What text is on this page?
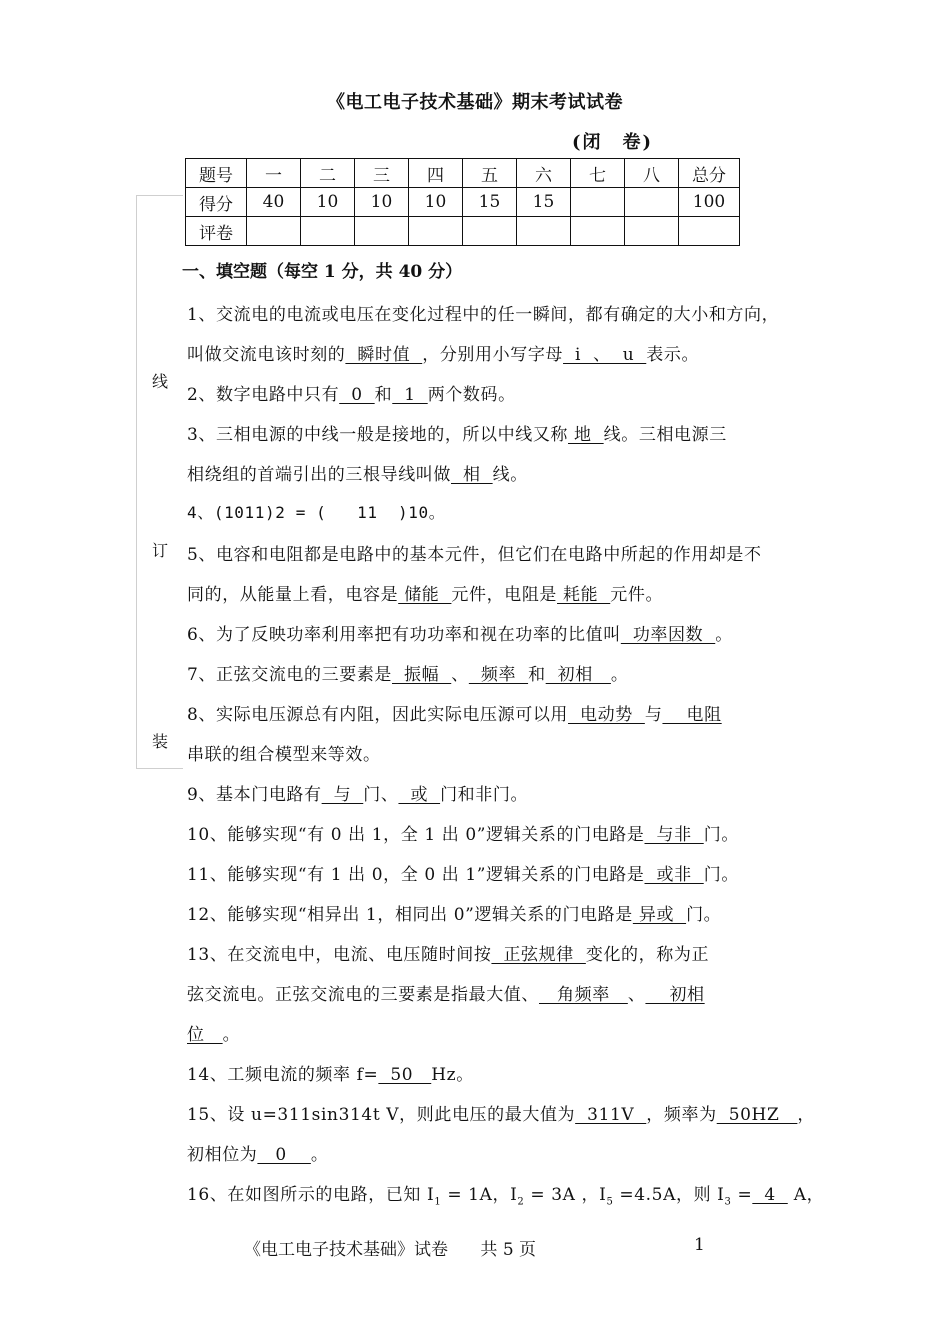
《电工电子技术基础》期末考试试卷
(闭　卷)
题号	一	二	三	四	五	六	七	八	总分
得分	40	10	10	10	15	15			100
评卷									
线
订
装
一、填空题（每空 1 分，共 40 分）
1、交流电的电流或电压在变化过程中的任一瞬间，都有确定的大小和方向，
叫做交流电该时刻的  瞬时值  ，分别用小写字母  i  、  u  表示。
2、数字电路中只有  0  和  1  两个数码。
3、三相电源的中线一般是接地的，所以中线又称 地  线。三相电源三
相绕组的首端引出的三根导线叫做  相  线。
4、(1011)2 = (   11  )10。
5、电容和电阻都是电路中的基本元件，但它们在电路中所起的作用却是不
同的，从能量上看，电容是 储能  元件，电阻是 耗能  元件。
6、为了反映功率利用率把有功功率和视在功率的比值叫  功率因数  。
7、正弦交流电的三要素是  振幅  、  频率  和  初相   。
8、实际电压源总有内阻，因此实际电压源可以用  电动势  与    电阻
串联的组合模型来等效。
9、基本门电路有  与  门、  或  门和非门。
10、能够实现“有 0 出 1，全 1 出 0”逻辑关系的门电路是  与非  门。
11、能够实现“有 1 出 0，全 0 出 1”逻辑关系的门电路是  或非  门。
12、能够实现“相异出 1，相同出 0”逻辑关系的门电路是 异或  门。
13、在交流电中，电流、电压随时间按  正弦规律  变化的，称为正
弦交流电。正弦交流电的三要素是指最大值、   角频率   、    初相
位   。
14、工频电流的频率 f=  50   Hz。
15、设 u=311sin314t V，则此电压的最大值为  311V  ，频率为  50HZ   ，
初相位为   0    。
16、在如图所示的电路，已知 $I_1 = 1A$，$I_2 = 3A$ ，$I_5 =4.5A$，则 $I_3 = 4$   A，
《电工电子技术基础》试卷      共 5 页	1
